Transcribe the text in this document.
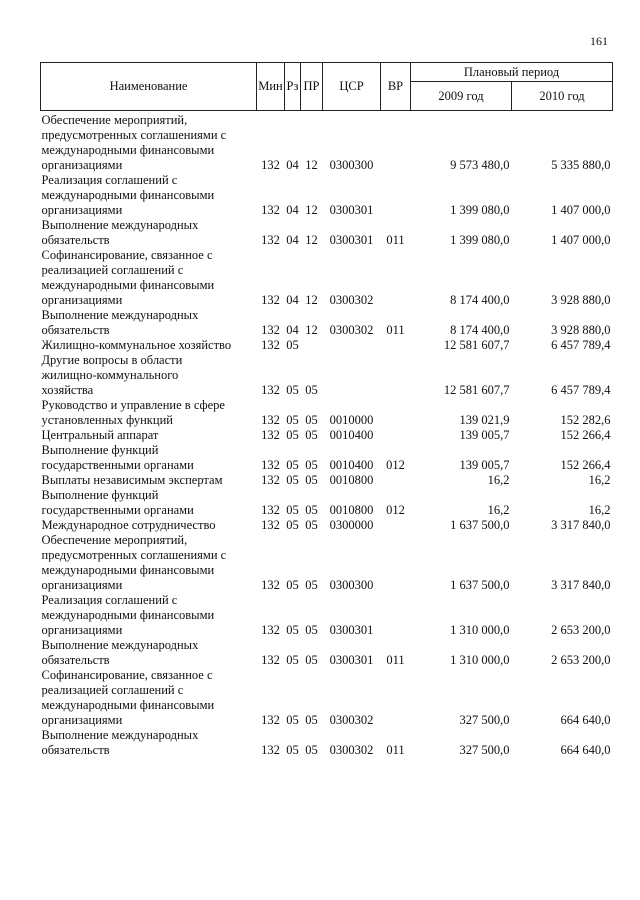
161
Наименование	Мин	Рз	ПР	ЦСР	ВР	Плановый период	
						2009 год	2010 год
Обеспечение мероприятий,
предусмотренных соглашениями с
международными финансовыми
организациями	132	04	12	0300300		9 573 480,0	5 335 880,0
Реализация соглашений с
международными финансовыми
организациями	132	04	12	0300301		1 399 080,0	1 407 000,0
Выполнение международных
обязательств	132	04	12	0300301	011	1 399 080,0	1 407 000,0
Софинансирование, связанное с
реализацией соглашений с
международными финансовыми
организациями	132	04	12	0300302		8 174 400,0	3 928 880,0
Выполнение международных
обязательств	132	04	12	0300302	011	8 174 400,0	3 928 880,0
Жилищно-коммунальное хозяйство	132	05				12 581 607,7	6 457 789,4
Другие вопросы в области
жилищно-коммунального
хозяйства	132	05	05			12 581 607,7	6 457 789,4
Руководство и управление в сфере
установленных функций	132	05	05	0010000		139 021,9	152 282,6
Центральный аппарат	132	05	05	0010400		139 005,7	152 266,4
Выполнение функций
государственными органами	132	05	05	0010400	012	139 005,7	152 266,4
Выплаты независимым экспертам	132	05	05	0010800		16,2	16,2
Выполнение функций
государственными органами	132	05	05	0010800	012	16,2	16,2
Международное сотрудничество	132	05	05	0300000		1 637 500,0	3 317 840,0
Обеспечение мероприятий,
предусмотренных соглашениями с
международными финансовыми
организациями	132	05	05	0300300		1 637 500,0	3 317 840,0
Реализация соглашений с
международными финансовыми
организациями	132	05	05	0300301		1 310 000,0	2 653 200,0
Выполнение международных
обязательств	132	05	05	0300301	011	1 310 000,0	2 653 200,0
Софинансирование, связанное с
реализацией соглашений с
международными финансовыми
организациями	132	05	05	0300302		327 500,0	664 640,0
Выполнение международных
обязательств	132	05	05	0300302	011	327 500,0	664 640,0
